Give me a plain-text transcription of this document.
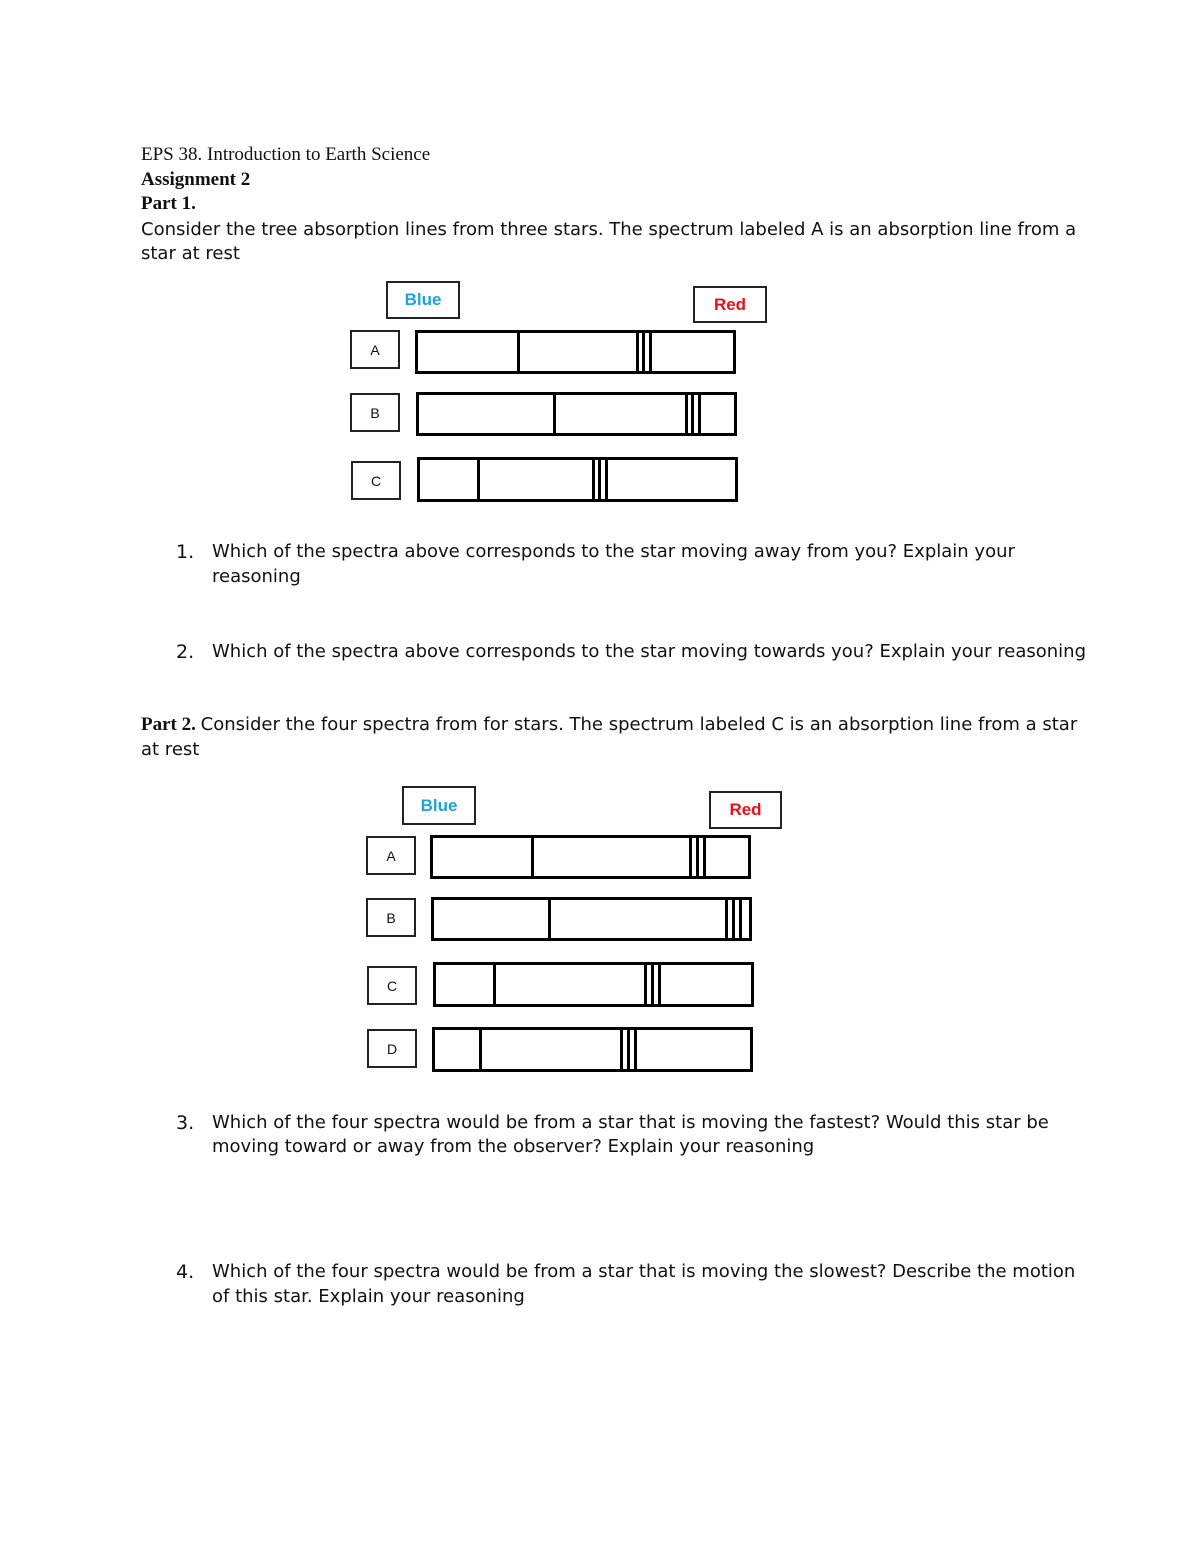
EPS 38. Introduction to Earth Science
Assignment 2
Part 1.
Consider the tree absorption lines from three stars. The spectrum labeled A is an absorption line from a
star at rest
Blue	Red
A
B
C
1. Which of the spectra above corresponds to the star moving away from you? Explain your
reasoning
2. Which of the spectra above corresponds to the star moving towards you? Explain your reasoning
Part 2. Consider the four spectra from for stars. The spectrum labeled C is an absorption line from a star
at rest
Blue	Red
A
B
C
D
3. Which of the four spectra would be from a star that is moving the fastest? Would this star be
moving toward or away from the observer? Explain your reasoning
4. Which of the four spectra would be from a star that is moving the slowest? Describe the motion
of this star. Explain your reasoning
